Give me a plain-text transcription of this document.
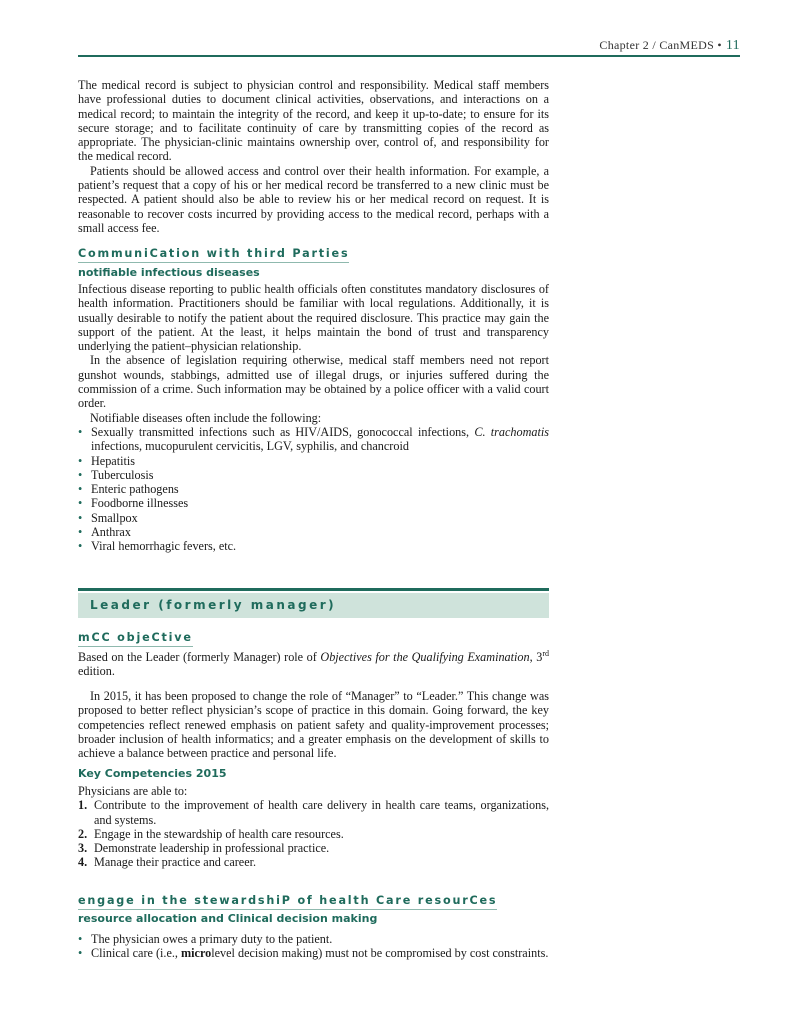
Chapter 2 / CanMEDS • 11

The medical record is subject to physician control and responsibility. Medical staff members have professional duties to document clinical activities, observations, and interactions on a medical record; to maintain the integrity of the record, and keep it up-to-date; to ensure for its secure storage; and to facilitate continuity of care by transmitting copies of the record as appropriate. The physician-clinic maintains ownership over, control of, and responsibility for the medical record.

Patients should be allowed access and control over their health information. For example, a patient’s request that a copy of his or her medical record be transferred to a new clinic must be respected. A patient should also be able to review his or her medical record on request. It is reasonable to recover costs incurred by providing access to the medical record, perhaps with a small access fee.

CommuniCation with third Parties
notifiable infectious diseases

Infectious disease reporting to public health officials often constitutes mandatory disclosures of health information. Practitioners should be familiar with local regulations. Additionally, it is usually desirable to notify the patient about the required disclosure. This practice may gain the support of the patient. At the least, it helps maintain the bond of trust and transparency underlying the patient–physician relationship.

In the absence of legislation requiring otherwise, medical staff members need not report gunshot wounds, stabbings, admitted use of illegal drugs, or injuries suffered during the commission of a crime. Such information may be obtained by a police officer with a valid court order.

Notifiable diseases often include the following:

• Sexually transmitted infections such as HIV/AIDS, gonococcal infections, C. trachomatis infections, mucopurulent cervicitis, LGV, syphilis, and chancroid
• Hepatitis
• Tuberculosis
• Enteric pathogens
• Foodborne illnesses
• Smallpox
• Anthrax
• Viral hemorrhagic fevers, etc.
Leader (formerly manager)
mCC objeCtive

Based on the Leader (formerly Manager) role of Objectives for the Qualifying Examination, 3rd edition.

In 2015, it has been proposed to change the role of “Manager” to “Leader.” This change was proposed to better reflect physician’s scope of practice in this domain. Going forward, the key competencies reflect renewed emphasis on patient safety and quality-improvement processes; broader inclusion of health informatics; and a greater emphasis on the development of skills to achieve a balance between practice and personal life.

Key Competencies 2015

Physicians are able to:

1. Contribute to the improvement of health care delivery in health care teams, organizations, and systems.
2. Engage in the stewardship of health care resources.
3. Demonstrate leadership in professional practice.
4. Manage their practice and career.
engage in the stewardshiP of health Care resourCes
resource allocation and Clinical decision making
• The physician owes a primary duty to the patient.
• Clinical care (i.e., microlevel decision making) must not be compromised by cost constraints.
